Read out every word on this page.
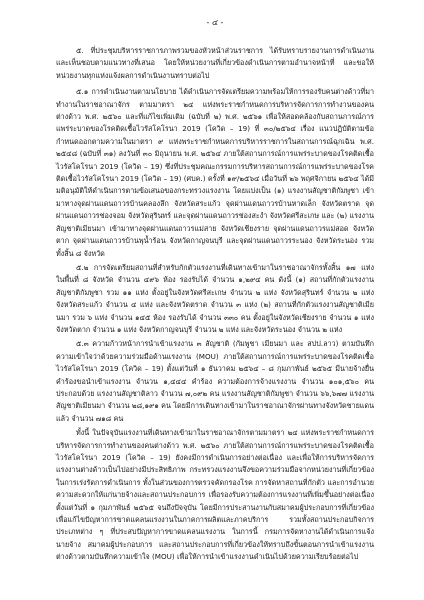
- ๔ -

๕. ที่ประชุมบริหารราชการภาพรวมของหัวหน้าส่วนราชการ ได้รับทราบรายงานการดำเนินงานและเห็นชอบตามแนวทางที่เสนอ โดยให้หน่วยงานที่เกี่ยวข้องดำเนินการตามอำนาจหน้าที่ และขอให้หน่วยงานทุกแห่งแจ้งผลการดำเนินงานทราบต่อไป

๕.๑ การดำเนินงานตามนโยบาย ได้ดำเนินการจัดเตรียมความพร้อมให้การรองรับคนต่างด้าวที่มาทำงานในราชอาณาจักร ตามมาตรา ๒๔ แห่งพระราชกำหนดการบริหารจัดการการทำงานของคนต่างด้าว พ.ศ. ๒๕๖๐ และที่แก้ไขเพิ่มเติม (ฉบับที่ ๒) พ.ศ. ๒๕๖๑ เพื่อให้สอดคล้องกับสถานการณ์การแพร่ระบาดของโรคติดเชื้อไวรัสโคโรนา 2019 (โควิด – 19) ที่ ๓๐/๒๕๖๔ เรื่อง แนวปฏิบัติตามข้อกำหนดออกตามความในมาตรา ๙ แห่งพระราชกำหนดการบริหารราชการในสถานการณ์ฉุกเฉิน พ.ศ. ๒๕๔๘ (ฉบับที่ ๓๑) ลงวันที่ ๓๐ มิถุนายน พ.ศ. ๒๕๖๔ ภายใต้สถานการณ์การแพร่ระบาดของโรคติดเชื้อไวรัสโคโรนา 2019 (โควิด – 19) ซึ่งที่ประชุมคณะกรรมการบริหารสถานการณ์การแพร่ระบาดของโรคติดเชื้อไวรัสโคโรนา 2019 (โควิด – 19) (ศบค.) ครั้งที่ ๑๙/๒๕๖๔ เมื่อวันที่ ๒๖ พฤศจิกายน ๒๕๖๔ ได้มีมติอนุมัติให้ดำเนินการตามข้อเสนอของกระทรวงแรงงาน โดยแบ่งเป็น (๑) แรงงานสัญชาติกัมพูชา เข้ามาทางจุดผ่านแดนถาวรบ้านคลองลึก จังหวัดสระแก้ว จุดผ่านแดนถาวรบ้านหาดเล็ก จังหวัดตราด จุดผ่านแดนถาวรช่องจอม จังหวัดสุรินทร์ และจุดผ่านแดนถาวรช่องสะงำ จังหวัดศรีสะเกษ และ (๒) แรงงานสัญชาติเมียนมา เข้ามาทางจุดผ่านแดนถาวรแม่สาย จังหวัดเชียงราย จุดผ่านแดนถาวรแม่สอด จังหวัดตาก จุดผ่านแดนถาวรบ้านพุน้ำร้อน จังหวัดกาญจนบุรี และจุดผ่านแดนถาวรระนอง จังหวัดระนอง รวมทั้งสิ้น ๘ จังหวัด

๕.๒ การจัดเตรียมสถานที่สำหรับกักตัวแรงงานที่เดินทางเข้ามาในราชอาณาจักรทั้งสิ้น ๑๗ แห่ง ในพื้นที่ ๘ จังหวัด จำนวน ๔๙๖ ห้อง รองรับได้ จำนวน ๑,๒๙๔ คน ดังนี้ (๑) สถานที่กักตัวแรงงานสัญชาติกัมพูชา รวม ๑๑ แห่ง ตั้งอยู่ในจังหวัดศรีสะเกษ จำนวน ๒ แห่ง จังหวัดสุรินทร์ จำนวน ๒ แห่ง จังหวัดสระแก้ว จำนวน ๔ แห่ง และจังหวัดตราด จำนวน ๓ แห่ง (๒) สถานที่กักตัวแรงงานสัญชาติเมียนมา รวม ๖ แห่ง จำนวน ๑๔๕ ห้อง รองรับได้ จำนวน ๓๓๐ คน ตั้งอยู่ในจังหวัดเชียงราย จำนวน ๑ แห่ง จังหวัดตาก จำนวน ๑ แห่ง จังหวัดกาญจนบุรี จำนวน ๒ แห่ง และจังหวัดระนอง จำนวน ๒ แห่ง

๕.๓ ความก้าวหน้าการนำเข้าแรงงาน ๓ สัญชาติ (กัมพูชา เมียนมา และ สปป.ลาว) ตามบันทึกความเข้าใจว่าด้วยความร่วมมือด้านแรงงาน (MOU) ภายใต้สถานการณ์การแพร่ระบาดของโรคติดเชื้อไวรัสโคโรนา 2019 (โควิด – 19) ตั้งแต่วันที่ ๑ ธันวาคม ๒๕๖๔ – ๘ กุมภาพันธ์ ๒๕๖๕ มีนายจ้างยื่นคำร้องขอนำเข้าแรงงาน จำนวน ๑,๔๔๔ คำร้อง ความต้องการจ้างแรงงาน จำนวน ๑๐๑,๕๖๐ คน ประกอบด้วย แรงงานสัญชาติลาว จำนวน ๗,๐๙๒ คน แรงงานสัญชาติกัมพูชา จำนวน ๖๖,๖๗๗ แรงงานสัญชาติเมียนมา จำนวน ๒๘,๑๙๑ คน โดยมีการเดินทางเข้ามาในราชอาณาจักรผ่านทางจังหวัดชายแดนแล้ว จำนวน ๗๑๘ คน

ทั้งนี้ ในปัจจุบันแรงงานที่เดินทางเข้ามาในราชอาณาจักรตามมาตรา ๒๔ แห่งพระราชกำหนดการบริหารจัดการการทำงานของคนต่างด้าว พ.ศ. ๒๕๖๐ ภายใต้สถานการณ์การแพร่ระบาดของโรคติดเชื้อไวรัสโคโรนา 2019 (โควิด – 19) ยังคงมีการดำเนินการอย่างต่อเนื่อง และเพื่อให้การบริหารจัดการแรงงานต่างด้าวเป็นไปอย่างมีประสิทธิภาพ กระทรวงแรงงานจึงขอความร่วมมือจากหน่วยงานที่เกี่ยวข้องในการเร่งรัดการดำเนินการ ทั้งในส่วนของการตรวจคัดกรองโรค การจัดหาสถานที่กักตัว และการอำนวยความสะดวกให้แก่นายจ้างและสถานประกอบการ เพื่อรองรับความต้องการแรงงานที่เพิ่มขึ้นอย่างต่อเนื่อง ตั้งแต่วันที่ ๑ กุมภาพันธ์ ๒๕๖๕ จนถึงปัจจุบัน โดยมีการประสานงานกับสมาคมผู้ประกอบการที่เกี่ยวข้องเพื่อแก้ไขปัญหาการขาดแคลนแรงงานในภาคการผลิตและภาคบริการ รวมทั้งสถานประกอบกิจการประเภทต่าง ๆ ที่ประสบปัญหาการขาดแคลนแรงงาน ในการนี้ กรมการจัดหางานได้ดำเนินการแจ้งนายจ้าง สมาคมผู้ประกอบการ และสถานประกอบการที่เกี่ยวข้องให้ทราบถึงขั้นตอนการนำเข้าแรงงานต่างด้าวตามบันทึกความเข้าใจ (MOU) เพื่อให้การนำเข้าแรงงานดำเนินไปด้วยความเรียบร้อยต่อไป
